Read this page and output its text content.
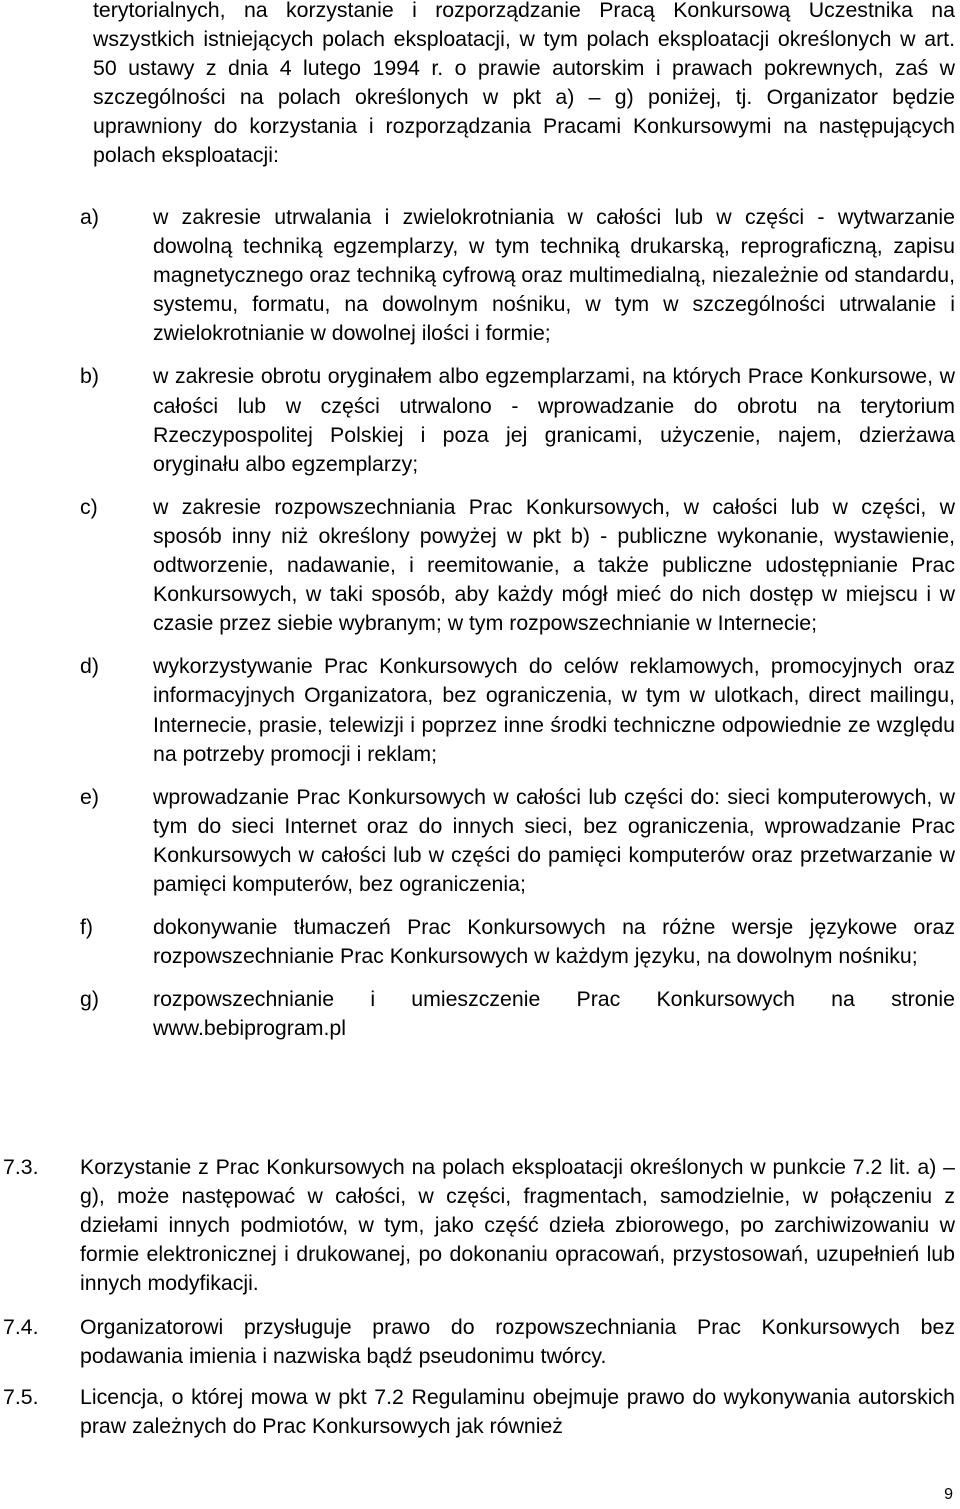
terytorialnych, na korzystanie i rozporządzanie Pracą Konkursową Uczestnika na wszystkich istniejących polach eksploatacji, w tym polach eksploatacji określonych w art. 50 ustawy z dnia 4 lutego 1994 r. o prawie autorskim i prawach pokrewnych, zaś w szczególności na polach określonych w pkt a) – g) poniżej, tj. Organizator będzie uprawniony do korzystania i rozporządzania Pracami Konkursowymi na następujących polach eksploatacji:
a)	w zakresie utrwalania i zwielokrotniania w całości lub w części - wytwarzanie dowolną techniką egzemplarzy, w tym techniką drukarską, reprograficzną, zapisu magnetycznego oraz techniką cyfrową oraz multimedialną, niezależnie od standardu, systemu, formatu, na dowolnym nośniku, w tym w szczególności utrwalanie i zwielokrotnianie w dowolnej ilości i formie;
b)	w zakresie obrotu oryginałem albo egzemplarzami, na których Prace Konkursowe, w całości lub w części utrwalono - wprowadzanie do obrotu na terytorium Rzeczypospolitej Polskiej i poza jej granicami, użyczenie, najem, dzierżawa oryginału albo egzemplarzy;
c)	w zakresie rozpowszechniania Prac Konkursowych, w całości lub w części, w sposób inny niż określony powyżej w pkt b) - publiczne wykonanie, wystawienie, odtworzenie, nadawanie, i reemitowanie, a także publiczne udostępnianie Prac Konkursowych, w taki sposób, aby każdy mógł mieć do nich dostęp w miejscu i w czasie przez siebie wybranym; w tym rozpowszechnianie w Internecie;
d)	wykorzystywanie Prac Konkursowych do celów reklamowych, promocyjnych oraz informacyjnych Organizatora, bez ograniczenia, w tym w ulotkach, direct mailingu, Internecie, prasie, telewizji i poprzez inne środki techniczne odpowiednie ze względu na potrzeby promocji i reklam;
e)	wprowadzanie Prac Konkursowych w całości lub części do: sieci komputerowych, w tym do sieci Internet oraz do innych sieci, bez ograniczenia, wprowadzanie Prac Konkursowych w całości lub w części do pamięci komputerów oraz przetwarzanie w pamięci komputerów, bez ograniczenia;
f)	dokonywanie tłumaczeń Prac Konkursowych na różne wersje językowe oraz rozpowszechnianie Prac Konkursowych w każdym języku, na dowolnym nośniku;
g)	rozpowszechnianie i umieszczenie Prac Konkursowych na stronie www.bebiprogram.pl
7.3.	Korzystanie z Prac Konkursowych na polach eksploatacji określonych w punkcie 7.2 lit. a) – g), może następować w całości, w części, fragmentach, samodzielnie, w połączeniu z dziełami innych podmiotów, w tym, jako część dzieła zbiorowego, po zarchiwizowaniu w formie elektronicznej i drukowanej, po dokonaniu opracowań, przystosowań, uzupełnień lub innych modyfikacji.
7.4.	Organizatorowi przysługuje prawo do rozpowszechniania Prac Konkursowych bez podawania imienia i nazwiska bądź pseudonimu twórcy.
7.5.	Licencja, o której mowa w pkt 7.2 Regulaminu obejmuje prawo do wykonywania autorskich praw zależnych do Prac Konkursowych jak również
9
